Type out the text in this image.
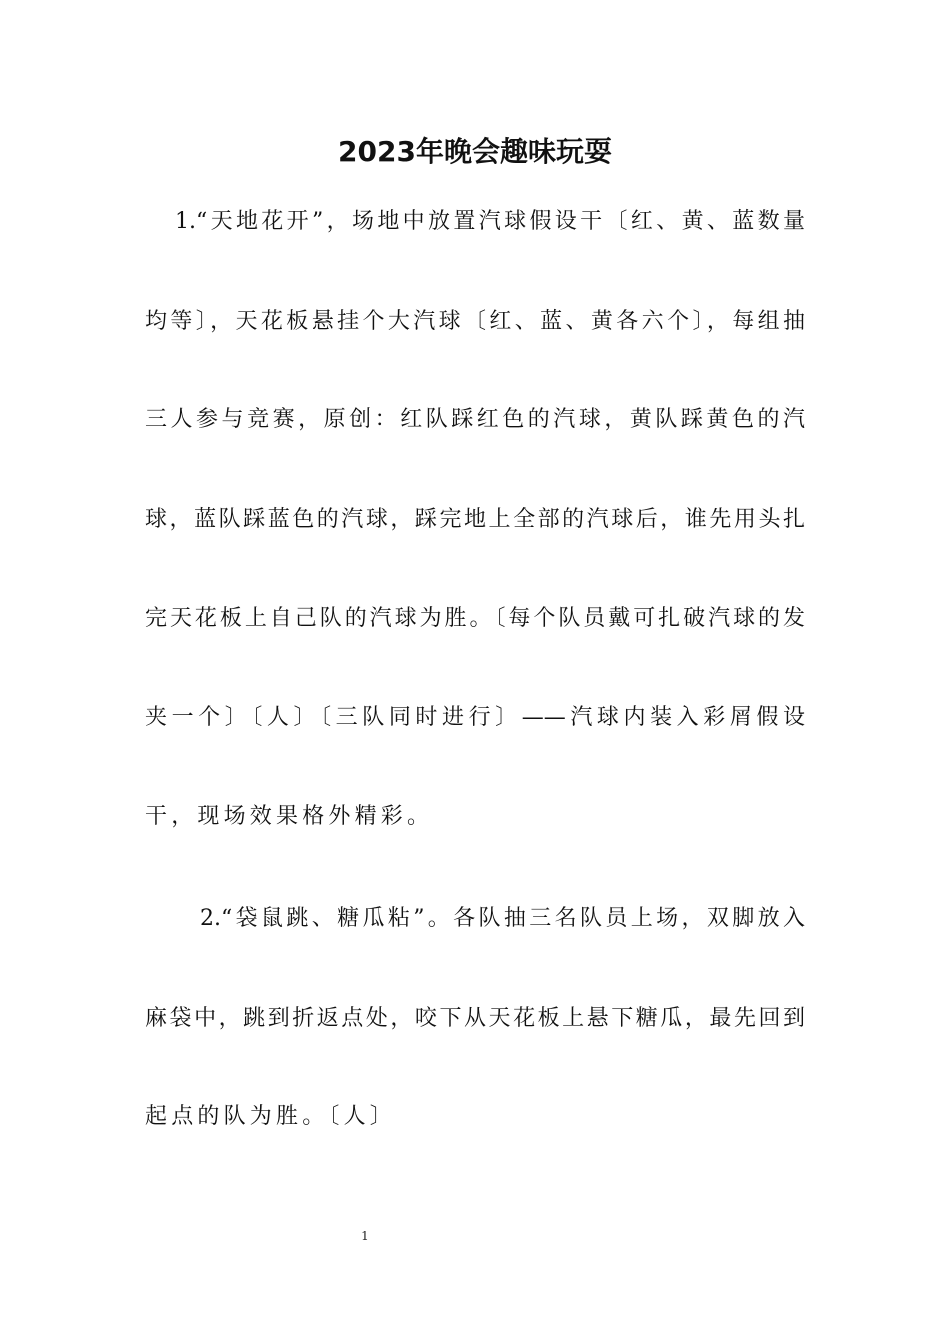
2023年晚会趣味玩耍
1.“天地花开”，场地中放置汽球假设干〔红、黄、蓝数量
均等〕，天花板悬挂个大汽球〔红、蓝、黄各六个〕，每组抽
三人参与竞赛，原创：红队踩红色的汽球，黄队踩黄色的汽
球，蓝队踩蓝色的汽球，踩完地上全部的汽球后，谁先用头扎
完天花板上自己队的汽球为胜。〔每个队员戴可扎破汽球的发
夹一个〕〔人〕〔三队同时进行〕——汽球内装入彩屑假设
干，现场效果格外精彩。
2.“袋鼠跳、糖瓜粘”。各队抽三名队员上场，双脚放入
麻袋中，跳到折返点处，咬下从天花板上悬下糖瓜，最先回到
起点的队为胜。〔人〕
1
